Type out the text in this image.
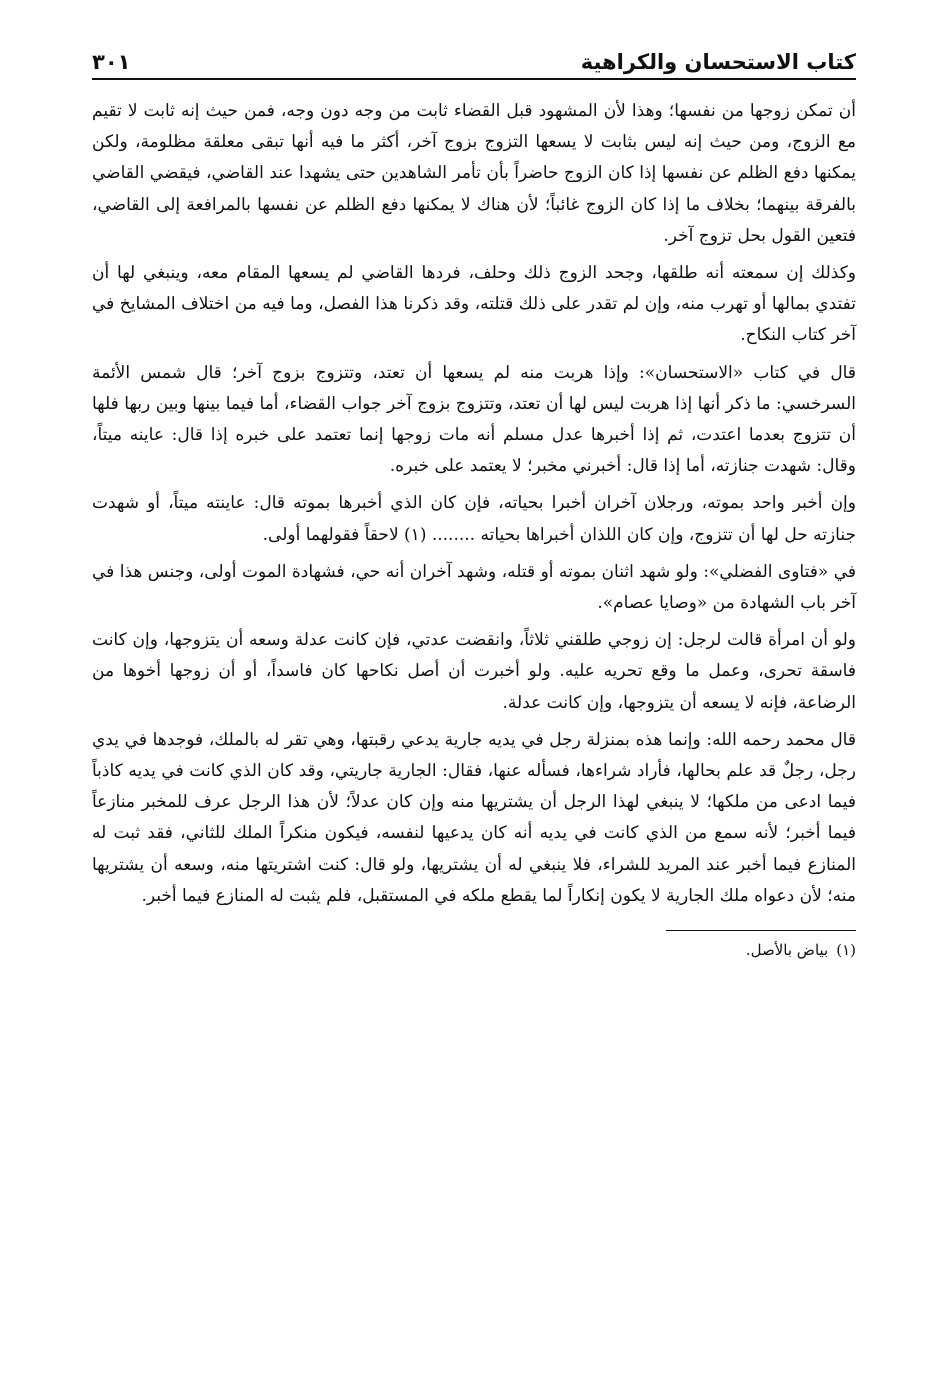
كتاب الاستحسان والكراهية
٣٠١

أن تمكن زوجها من نفسها؛ وهذا لأن المشهود قبل القضاء ثابت من وجه دون وجه، فمن حيث إنه ثابت لا تقيم مع الزوج، ومن حيث إنه ليس بثابت لا يسعها التزوج بزوج آخر، أكثر ما فيه أنها تبقى معلقة مظلومة، ولكن يمكنها دفع الظلم عن نفسها إذا كان الزوج حاضراً بأن تأمر الشاهدين حتى يشهدا عند القاضي، فيقضي القاضي بالفرقة بينهما؛ بخلاف ما إذا كان الزوج غائباً؛ لأن هناك لا يمكنها دفع الظلم عن نفسها بالمرافعة إلى القاضي، فتعين القول بحل تزوج آخر.

وكذلك إن سمعته أنه طلقها، وجحد الزوج ذلك وحلف، فردها القاضي لم يسعها المقام معه، وينبغي لها أن تفتدي بمالها أو تهرب منه، وإن لم تقدر على ذلك قتلته، وقد ذكرنا هذا الفصل، وما فيه من اختلاف المشايخ في آخر كتاب النكاح.

قال في كتاب «الاستحسان»: وإذا هربت منه لم يسعها أن تعتد، وتتزوج بزوج آخر؛ قال شمس الأئمة السرخسي: ما ذكر أنها إذا هربت ليس لها أن تعتد، وتتزوج بزوج آخر جواب القضاء، أما فيما بينها وبين ربها فلها أن تتزوج بعدما اعتدت، ثم إذا أخبرها عدل مسلم أنه مات زوجها إنما تعتمد على خبره إذا قال: عاينه ميتاً، وقال: شهدت جنازته، أما إذا قال: أخبرني مخبر؛ لا يعتمد على خبره.

وإن أخبر واحد بموته، ورجلان آخران أخبرا بحياته، فإن كان الذي أخبرها بموته قال: عاينته ميتاً، أو شهدت جنازته حل لها أن تتزوج، وإن كان اللذان أخبراها بحياته ........ (١) لاحقاً فقولهما أولى.

في «فتاوى الفضلي»: ولو شهد اثنان بموته أو قتله، وشهد آخران أنه حي، فشهادة الموت أولى، وجنس هذا في آخر باب الشهادة من «وصايا عصام».

ولو أن امرأة قالت لرجل: إن زوجي طلقني ثلاثاً، وانقضت عدتي، فإن كانت عدلة وسعه أن يتزوجها، وإن كانت فاسقة تحرى، وعمل ما وقع تحريه عليه. ولو أخبرت أن أصل نكاحها كان فاسداً، أو أن زوجها أخوها من الرضاعة، فإنه لا يسعه أن يتزوجها، وإن كانت عدلة.

قال محمد رحمه الله: وإنما هذه بمنزلة رجل في يديه جارية يدعي رقبتها، وهي تقر له بالملك، فوجدها في يدي رجل، رجلٌ قد علم بحالها، فأراد شراءها، فسأله عنها، فقال: الجارية جاريتي، وقد كان الذي كانت في يديه كاذباً فيما ادعى من ملكها؛ لا ينبغي لهذا الرجل أن يشتريها منه وإن كان عدلاً؛ لأن هذا الرجل عرف للمخبر منازعاً فيما أخبر؛ لأنه سمع من الذي كانت في يديه أنه كان يدعيها لنفسه، فيكون منكراً الملك للثاني، فقد ثبت له المنازع فيما أخبر عند المريد للشراء، فلا ينبغي له أن يشتريها، ولو قال: كنت اشتريتها منه، وسعه أن يشتريها منه؛ لأن دعواه ملك الجارية لا يكون إنكاراً لما يقطع ملكه في المستقبل، فلم يثبت له المنازع فيما أخبر.

(١)بياض بالأصل.
